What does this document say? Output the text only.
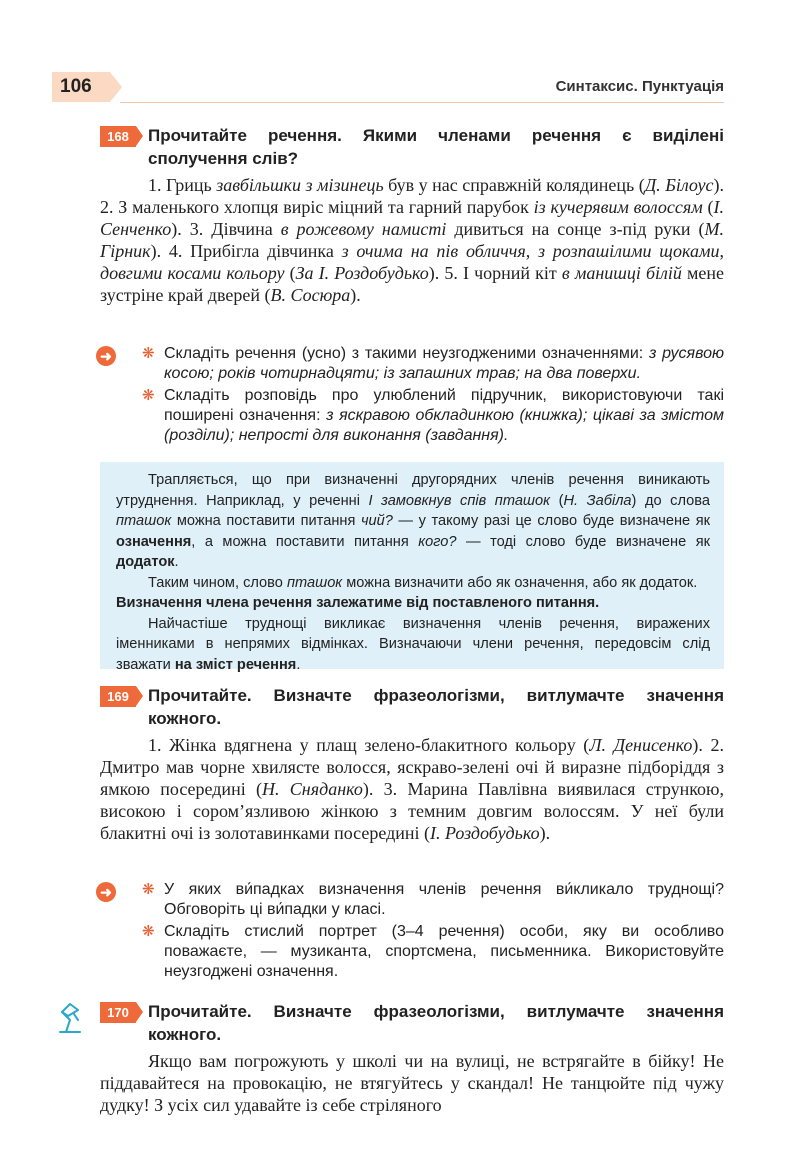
106	Синтаксис. Пунктуація
168	Прочитайте речення. Якими членами речення є виділені сполучення слів?
1. Гриць завбільшки з мізинець був у нас справжній колядинець (Д. Білоус). 2. З маленького хлопця виріс міцний та гарний парубок із кучерявим волоссям (І. Сенченко). 3. Дівчина в рожевому намисті дивиться на сонце з-під руки (М. Гірник). 4. Прибігла дівчинка з очима на пів обличчя, з розпашілими щоками, довгими косами кольору (За І. Роздобудько). 5. І чорний кіт в манишці білій мене зустріне край дверей (В. Сосюра).
➜ ❋ Складіть речення (усно) з такими неузгодженими означеннями: з русявою косою; років чотирнадцяти; із запашних трав; на два поверхи.
❋ Складіть розповідь про улюблений підручник, використовуючи такі поширені означення: з яскравою обкладинкою (книжка); цікаві за змістом (розділи); непрості для виконання (завдання).

Трапляється, що при визначенні другорядних членів речення виникають утруднення. Наприклад, у реченні І замовкнув спів пташок (Н. Забіла) до слова пташок можна поставити питання чий? — у такому разі це слово буде визначене як означення, а можна поставити питання кого? — тоді слово буде визначене як додаток.

Таким чином, слово пташок можна визначити або як означення, або як додаток.

Визначення члена речення залежатиме від поставленого питання.

Найчастіше труднощі викликає визначення членів речення, виражених іменниками в непрямих відмінках. Визначаючи члени речення, передовсім слід зважати на зміст речення.

169	Прочитайте. Визначте фразеологізми, витлумачте значення кожного.
1. Жінка вдягнена у плащ зелено-блакитного кольору (Л. Денисенко). 2. Дмитро мав чорне хвилясте волосся, яскраво-зелені очі й виразне підборіддя з ямкою посередині (Н. Сняданко). 3. Марина Павлівна виявилася стрункою, високою і сором’язливою жінкою з темним довгим волоссям. У неї були блакитні очі із золотавинками посередині (І. Роздобудько).
➜ ❋ У яких ви́падках визначення членів речення ви́кликало труднощі? Обговоріть ці ви́падки у класі.
❋ Складіть стислий портрет (3–4 речення) особи, яку ви особливо поважаєте, — музиканта, спортсмена, письменника. Використовуйте неузгоджені означення.
170	Прочитайте. Визначте фразеологізми, витлумачте значення кожного.
Якщо вам погрожують у школі чи на вулиці, не встрягайте в бійку! Не піддавайтеся на провокацію, не втягуйтесь у скандал! Не танцюйте під чужу дудку! З усіх сил удавайте із себе стріляного
